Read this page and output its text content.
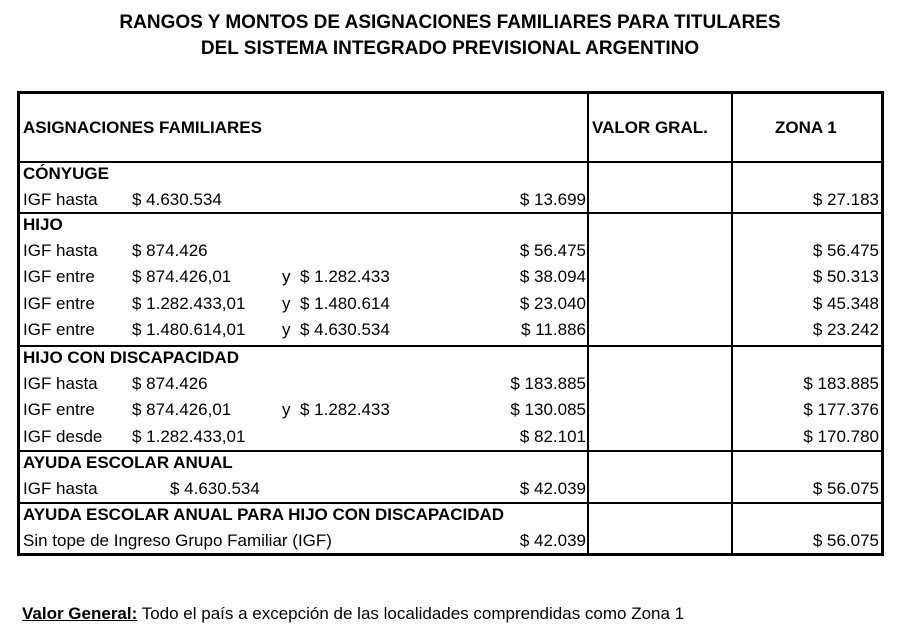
RANGOS Y MONTOS DE ASIGNACIONES FAMILIARES PARA TITULARES
DEL SISTEMA INTEGRADO PREVISIONAL ARGENTINO
ASIGNACIONES FAMILIARES	VALOR GRAL.	ZONA 1
CÓNYUGE
IGF hasta $ 4.630.534	$ 13.699	$ 27.183
HIJO
IGF hasta $ 874.426	$ 56.475	$ 56.475
IGF entre $ 874.426,01	y $ 1.282.433	$ 38.094	$ 50.313
IGF entre $ 1.282.433,01 y $ 1.480.614	$ 23.040	$ 45.348
IGF entre $ 1.480.614,01 y $ 4.630.534	$ 11.886	$ 23.242
HIJO CON DISCAPACIDAD
IGF hasta $ 874.426	$ 183.885	$ 183.885
IGF entre $ 874.426,01	y $ 1.282.433	$ 130.085	$ 177.376
IGF desde $ 1.282.433,01	$ 82.101	$ 170.780
AYUDA ESCOLAR ANUAL
IGF hasta	$ 4.630.534	$ 42.039	$ 56.075
AYUDA ESCOLAR ANUAL PARA HIJO CON DISCAPACIDAD
Sin tope de Ingreso Grupo Familiar (IGF)	$ 42.039	$ 56.075
Valor General: Todo el país a excepción de las localidades comprendidas como Zona 1
